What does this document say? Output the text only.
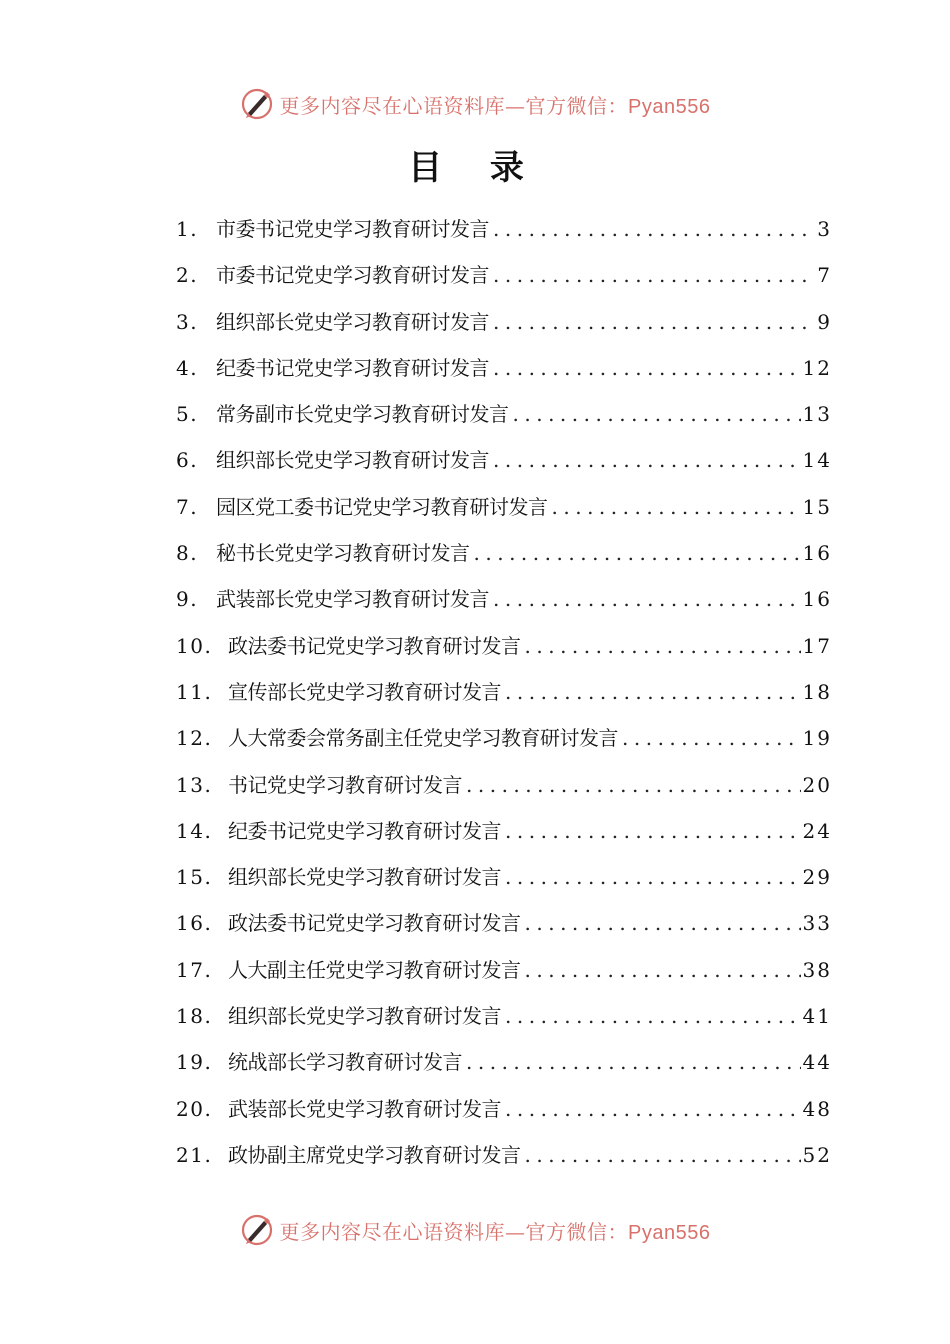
更多内容尽在心语资料库—官方微信：Pyan556
目 录
1. 市委书记党史学习教育研讨发言 .....	3
2. 市委书记党史学习教育研讨发言 .....	7
3. 组织部长党史学习教育研讨发言 .....	9
4. 纪委书记党史学习教育研讨发言 .....	12
5. 常务副市长党史学习教育研讨发言 .....	13
6. 组织部长党史学习教育研讨发言 .....	14
7. 园区党工委书记党史学习教育研讨发言 .....	15
8. 秘书长党史学习教育研讨发言 .....	16
9. 武装部长党史学习教育研讨发言 .....	16
10. 政法委书记党史学习教育研讨发言 .....	17
11. 宣传部长党史学习教育研讨发言 .....	18
12. 人大常委会常务副主任党史学习教育研讨发言 .....	19
13. 书记党史学习教育研讨发言 .....	20
14. 纪委书记党史学习教育研讨发言 .....	24
15. 组织部长党史学习教育研讨发言 .....	29
16. 政法委书记党史学习教育研讨发言 .....	33
17. 人大副主任党史学习教育研讨发言 .....	38
18. 组织部长党史学习教育研讨发言 .....	41
19. 统战部长学习教育研讨发言 .....	44
20. 武装部长党史学习教育研讨发言 .....	48
21. 政协副主席党史学习教育研讨发言 .....	52
更多内容尽在心语资料库—官方微信：Pyan556
